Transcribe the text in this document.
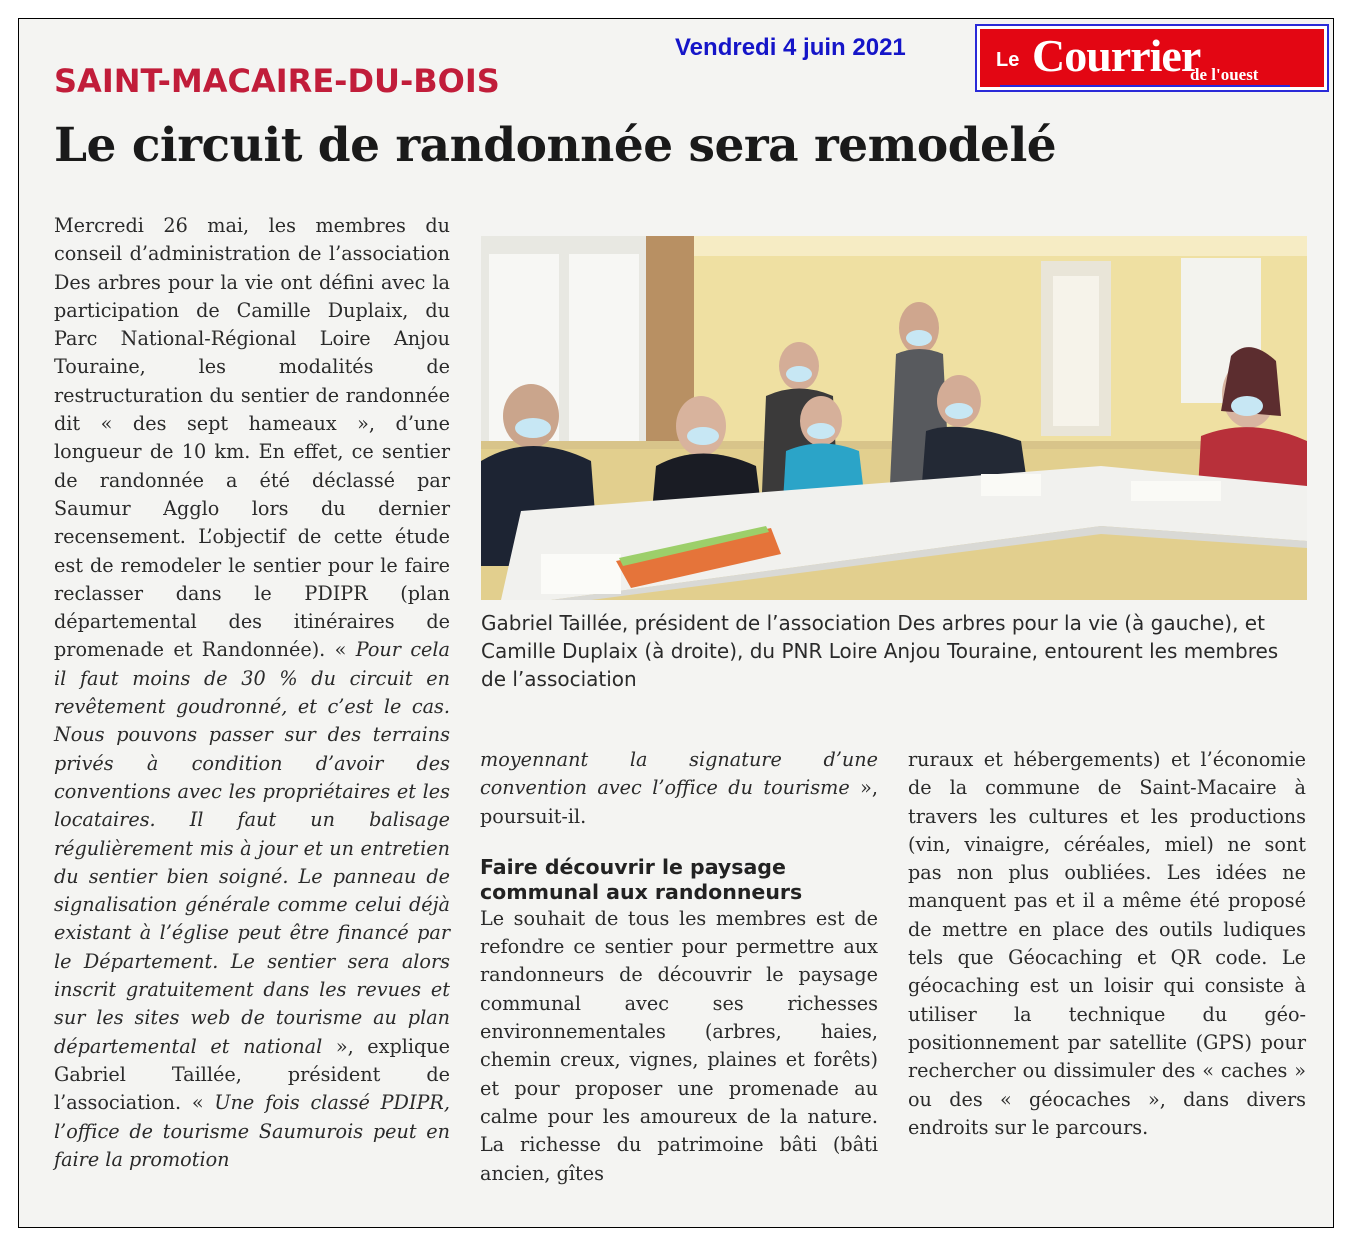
Vendredi 4 juin 2021	Le Courrier
de l'ouest
SAINT-MACAIRE-DU-BOIS
Le circuit de randonnée sera remodelé

Mercredi 26 mai, les membres du conseil d’administration de l’association Des arbres pour la vie ont défini avec la participation de Camille Duplaix, du Parc National-Régional Loire Anjou Touraine, les modalités de restructuration du sentier de randonnée dit « des sept hameaux », d’une longueur de 10 km. En effet, ce sentier de randonnée a été déclassé par Saumur Agglo lors du dernier recensement. L’objectif de cette étude est de remodeler le sentier pour le faire reclasser dans le PDIPR (plan départemental des itinéraires de promenade et Randonnée). « Pour cela il faut moins de 30 % du circuit en revêtement goudronné, et c’est le cas. Nous pouvons passer sur des terrains privés à condition d’avoir des conventions avec les propriétaires et les locataires. Il faut un balisage régulièrement mis à jour et un entretien du sentier bien soigné. Le panneau de signalisation générale comme celui déjà existant à l’église peut être financé par le Département. Le sentier sera alors inscrit gratuitement dans les revues et sur les sites web de tourisme au plan départemental et national », explique Gabriel Taillée, président de l’association. « Une fois classé PDIPR, l’office de tourisme Saumurois peut en faire la promotion

Gabriel Taillée, président de l’association Des arbres pour la vie (à gauche), et Camille Duplaix (à droite), du PNR Loire Anjou Touraine, entourent les membres de l’association

moyennant la signature d’une convention avec l’office du tourisme », poursuit-il.

Faire découvrir le paysage communal aux randonneurs

Le souhait de tous les membres est de refondre ce sentier pour permettre aux randonneurs de découvrir le paysage communal avec ses richesses environnementales (arbres, haies, chemin creux, vignes, plaines et forêts) et pour proposer une promenade au calme pour les amoureux de la nature. La richesse du patrimoine bâti (bâti ancien, gîtes

ruraux et hébergements) et l’économie de la commune de Saint-Macaire à travers les cultures et les productions (vin, vinaigre, céréales, miel) ne sont pas non plus oubliées. Les idées ne manquent pas et il a même été proposé de mettre en place des outils ludiques tels que Géocaching et QR code. Le géocaching est un loisir qui consiste à utiliser la technique du géo-positionnement par satellite (GPS) pour rechercher ou dissimuler des « caches » ou des « géocaches », dans divers endroits sur le parcours.
